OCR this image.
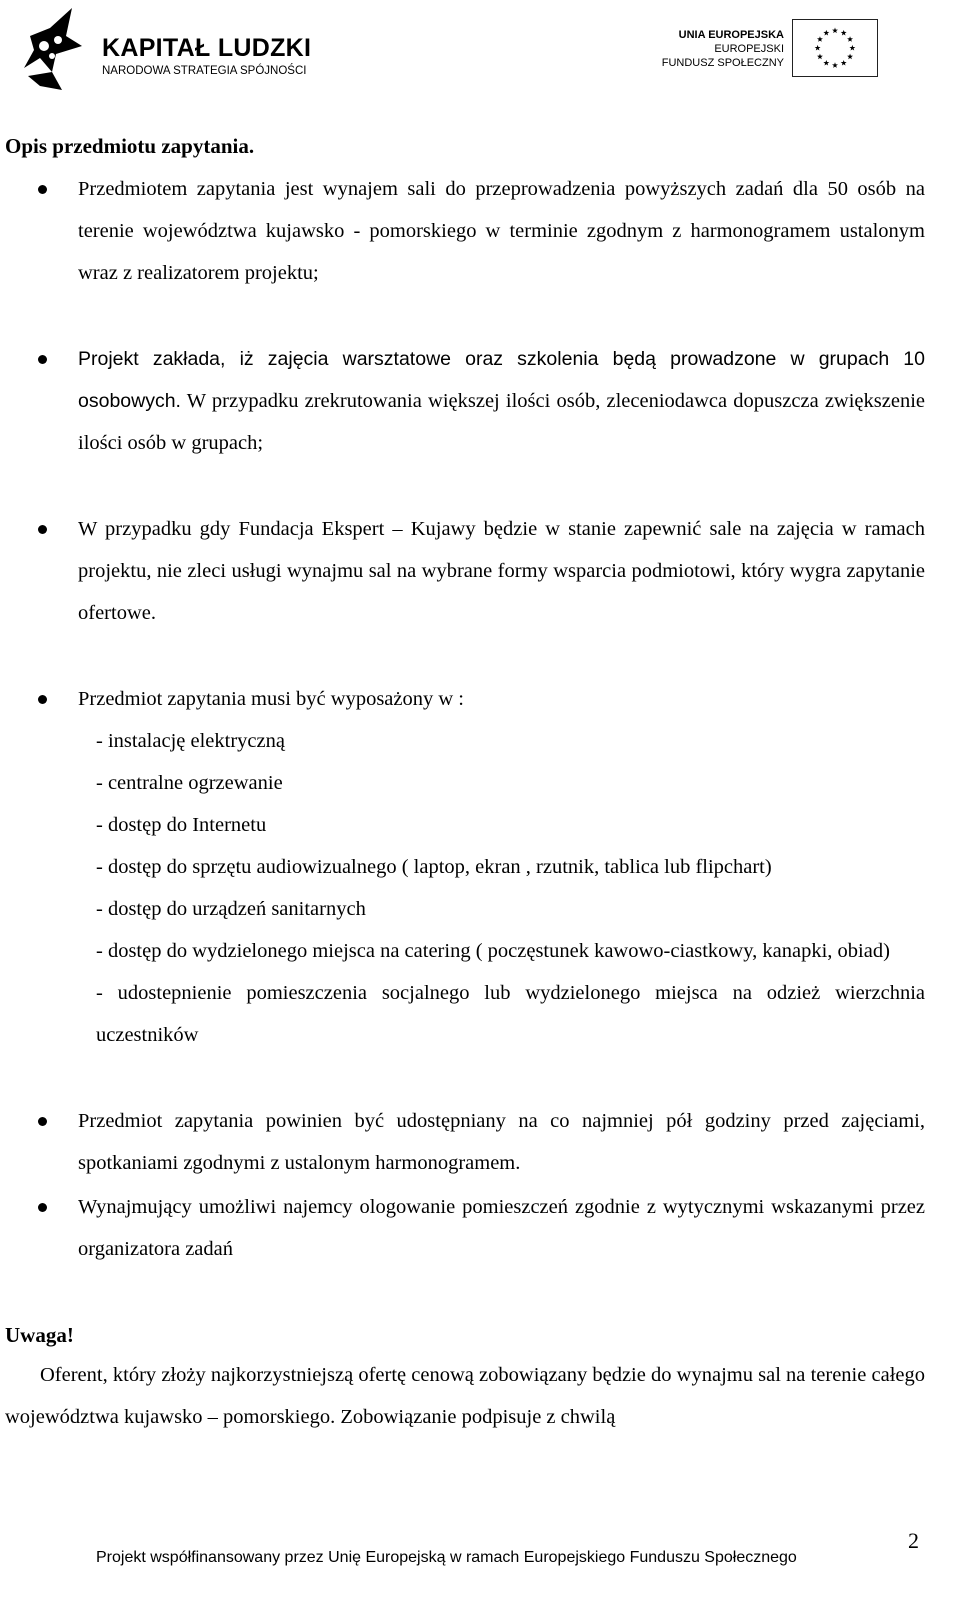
KAPITAŁ LUDZKI
NARODOWA STRATEGIA SPÓJNOŚCI
UNIA EUROPEJSKA
EUROPEJSKI
FUNDUSZ SPOŁECZNY
Opis przedmiotu zapytania.

Przedmiotem zapytania jest wynajem sali do przeprowadzenia powyższych zadań dla 50 osób na terenie województwa kujawsko - pomorskiego w terminie zgodnym z harmonogramem ustalonym wraz z realizatorem projektu;

Projekt zakłada, iż zajęcia warsztatowe oraz szkolenia będą prowadzone w grupach 10 osobowych. W przypadku zrekrutowania większej ilości osób, zleceniodawca dopuszcza zwiększenie ilości osób w grupach;

W przypadku gdy Fundacja Ekspert – Kujawy będzie w stanie zapewnić sale na zajęcia w ramach projektu, nie zleci usługi wynajmu sal na wybrane formy wsparcia podmiotowi, który wygra zapytanie ofertowe.

Przedmiot zapytania musi być wyposażony w :

- instalację elektryczną
- centralne ogrzewanie
- dostęp do Internetu
- dostęp do sprzętu audiowizualnego ( laptop, ekran , rzutnik, tablica lub flipchart)
- dostęp do urządzeń sanitarnych
- dostęp do wydzielonego miejsca na catering ( poczęstunek kawowo-ciastkowy, kanapki, obiad)
- udostepnienie pomieszczenia socjalnego lub wydzielonego miejsca na odzież wierzchnia uczestników

Przedmiot zapytania powinien być udostępniany na co najmniej pół godziny przed zajęciami, spotkaniami zgodnymi z ustalonym harmonogramem.

Wynajmujący umożliwi najemcy ologowanie pomieszczeń zgodnie z wytycznymi wskazanymi przez organizatora zadań

Uwaga!
Oferent, który złoży najkorzystniejszą ofertę cenową zobowiązany będzie do wynajmu sal na terenie całego województwa kujawsko – pomorskiego. Zobowiązanie podpisuje z chwilą
Projekt współfinansowany przez Unię Europejską w ramach Europejskiego Funduszu Społecznego
2
